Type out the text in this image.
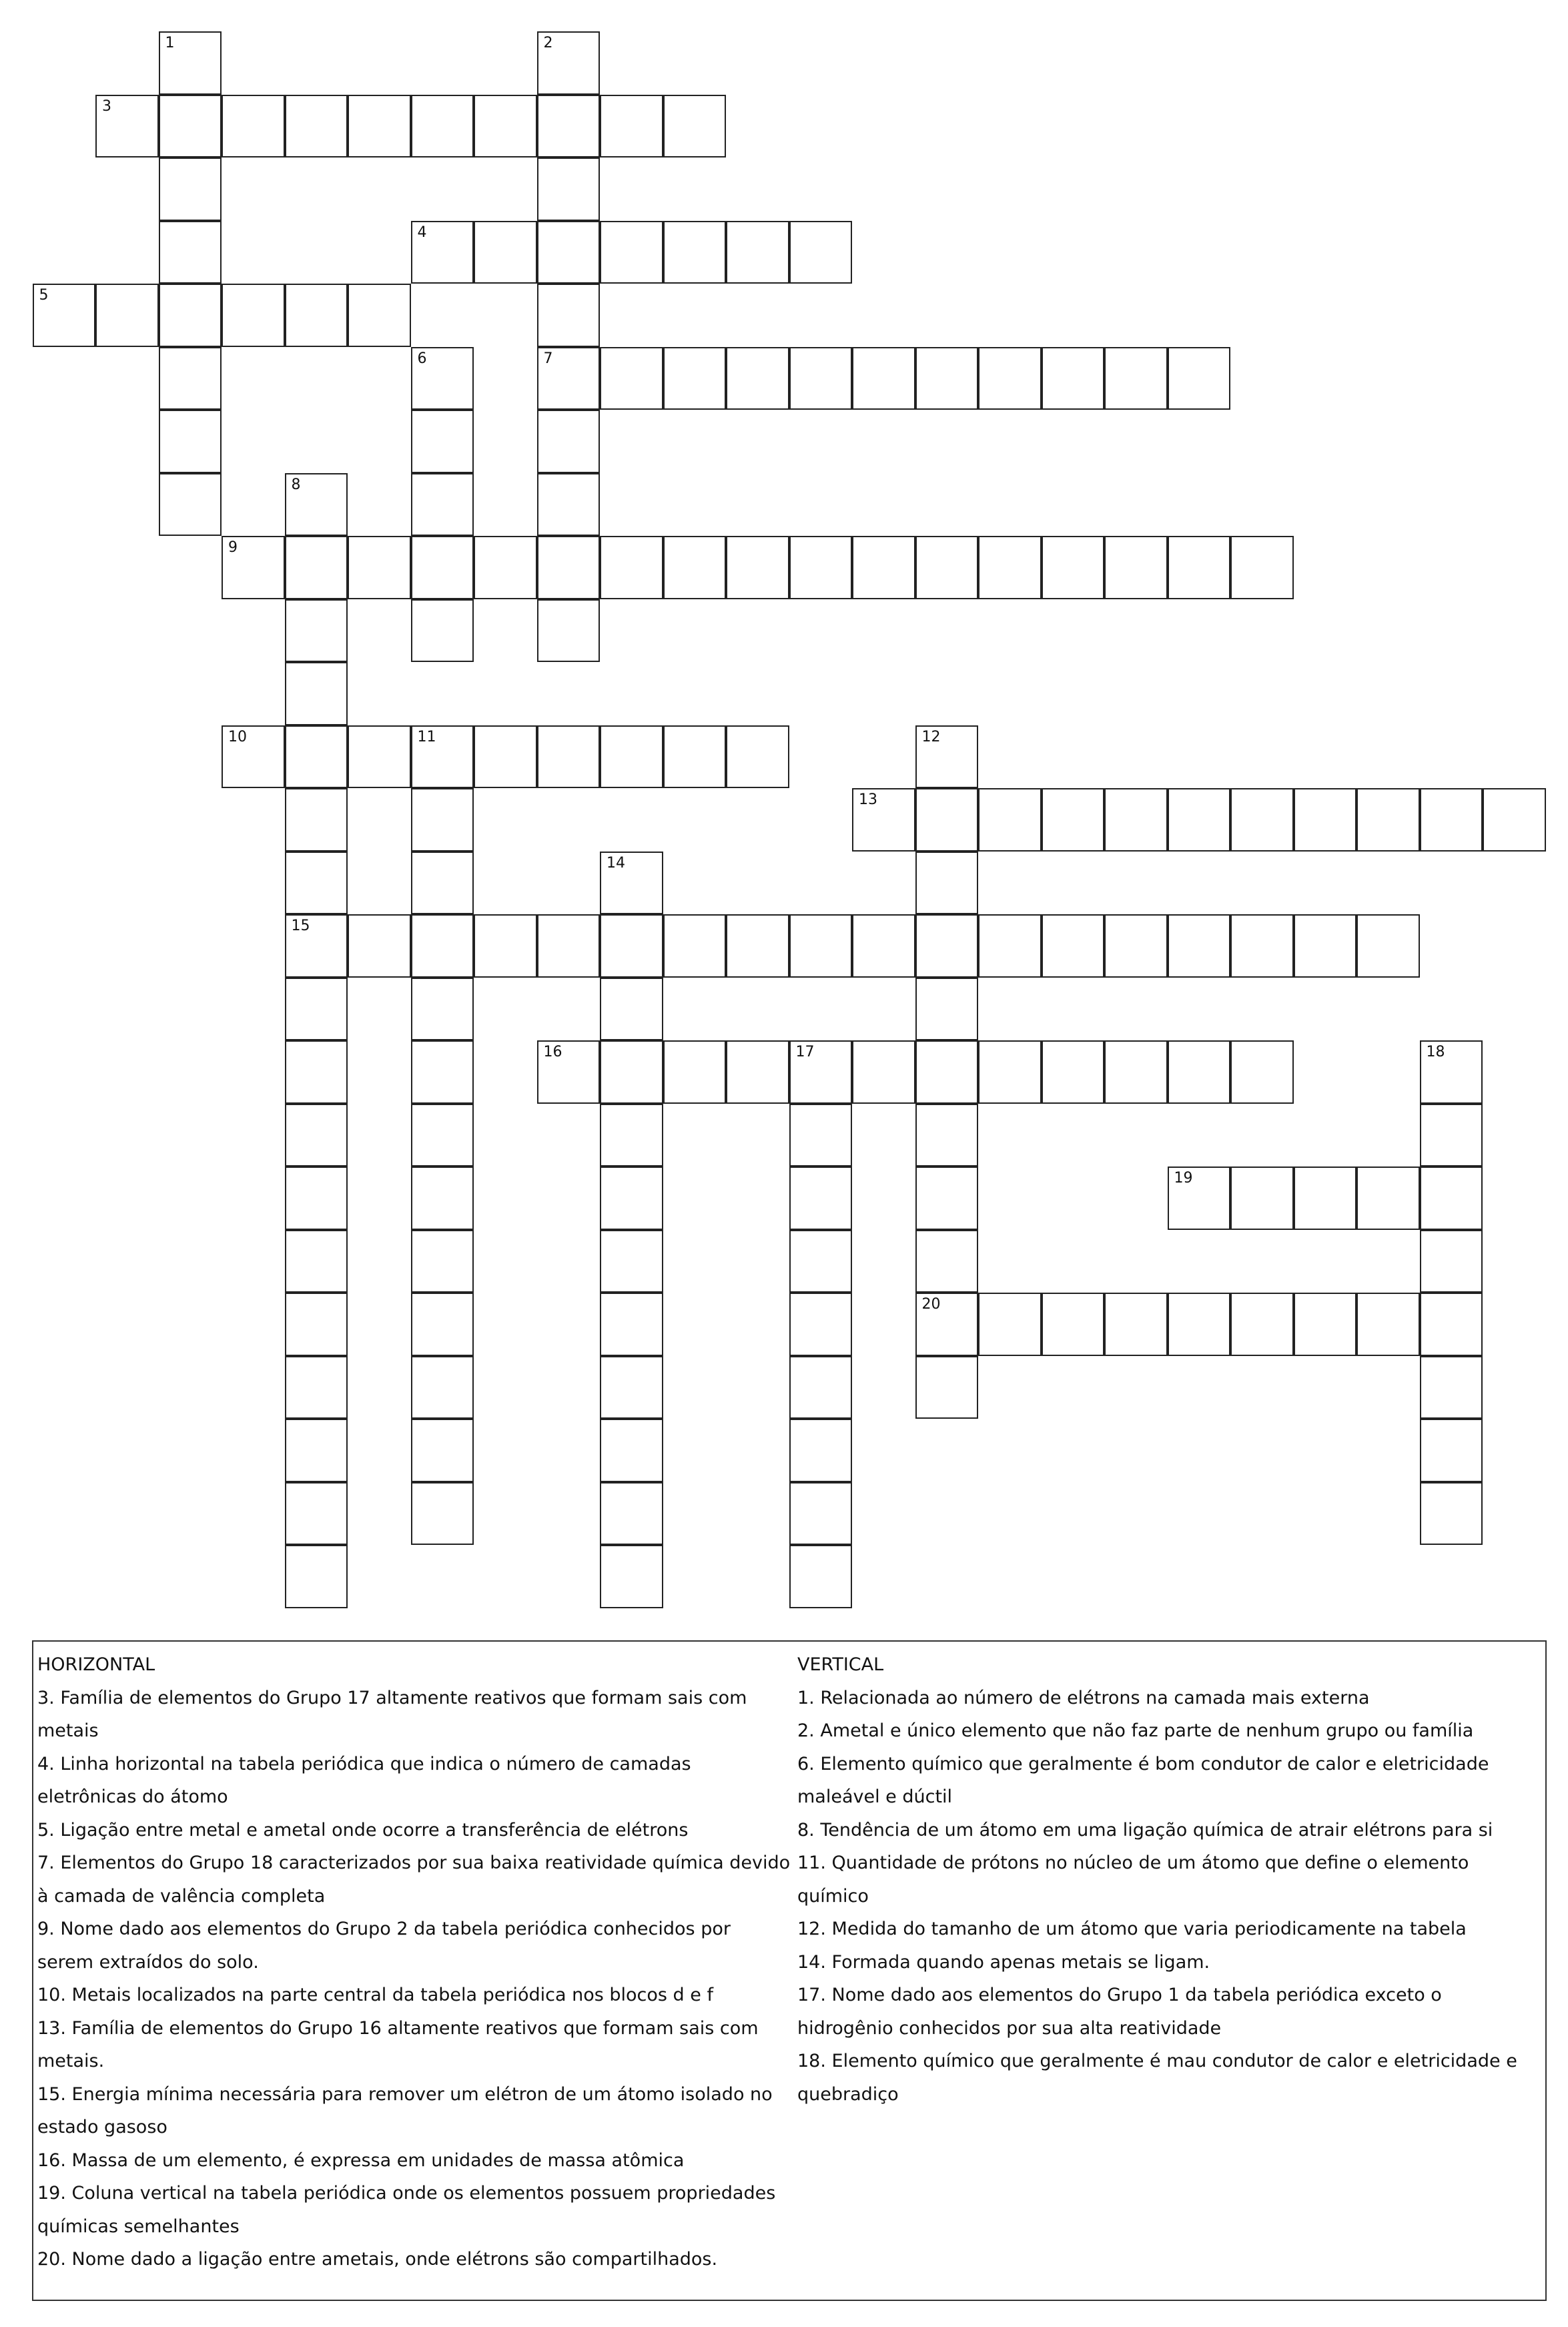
1	2
7
3
4
5
6
8
15
9
10	11	12
20
13
14
16	17	18
19
HORIZONTAL
3. Família de elementos do Grupo 17 altamente reativos que formam sais com metais
4. Linha horizontal na tabela periódica que indica o número de camadas eletrônicas do átomo
5. Ligação entre metal e ametal onde ocorre a transferência de elétrons
7. Elementos do Grupo 18 caracterizados por sua baixa reatividade química devido à camada de valência completa
9. Nome dado aos elementos do Grupo 2 da tabela periódica conhecidos por serem extraídos do solo.
10. Metais localizados na parte central da tabela periódica nos blocos d e f
13. Família de elementos do Grupo 16 altamente reativos que formam sais com metais.
15. Energia mínima necessária para remover um elétron de um átomo isolado no estado gasoso
16. Massa de um elemento, é expressa em unidades de massa atômica
19. Coluna vertical na tabela periódica onde os elementos possuem propriedades químicas semelhantes
20. Nome dado a ligação entre ametais, onde elétrons são compartilhados.
VERTICAL
1. Relacionada ao número de elétrons na camada mais externa
2. Ametal e único elemento que não faz parte de nenhum grupo ou família
6. Elemento químico que geralmente é bom condutor de calor e eletricidade maleável e dúctil
8. Tendência de um átomo em uma ligação química de atrair elétrons para si
11. Quantidade de prótons no núcleo de um átomo que define o elemento químico
12. Medida do tamanho de um átomo que varia periodicamente na tabela
14. Formada quando apenas metais se ligam.
17. Nome dado aos elementos do Grupo 1 da tabela periódica exceto o hidrogênio conhecidos por sua alta reatividade
18. Elemento químico que geralmente é mau condutor de calor e eletricidade e quebradiço
